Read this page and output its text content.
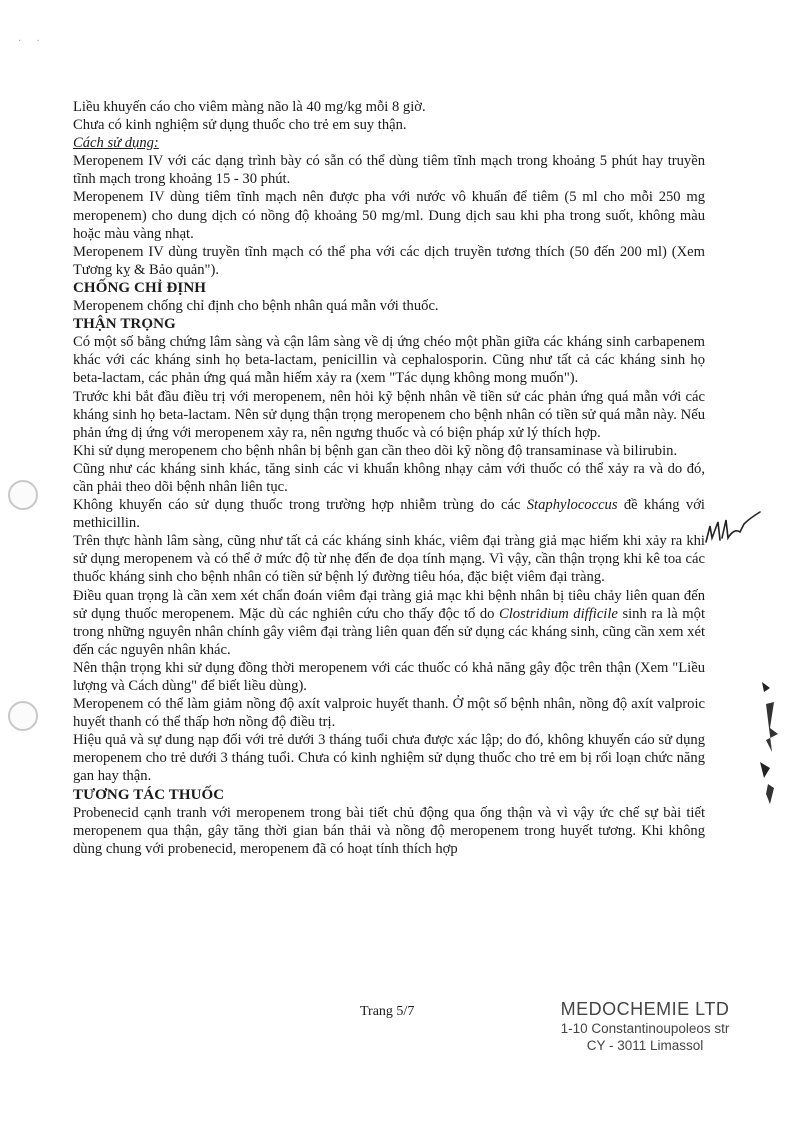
·      ·

Liều khuyến cáo cho viêm màng não là 40 mg/kg mỗi 8 giờ.

Chưa có kinh nghiệm sử dụng thuốc cho trẻ em suy thận.

Cách sử dụng:

Meropenem IV với các dạng trình bày có sẵn có thể dùng tiêm tĩnh mạch trong khoảng 5 phút hay truyền tĩnh mạch trong khoảng 15 - 30 phút.

Meropenem IV dùng tiêm tĩnh mạch nên được pha với nước vô khuẩn để tiêm (5 ml cho mỗi 250 mg meropenem) cho dung dịch có nồng độ khoảng 50 mg/ml. Dung dịch sau khi pha trong suốt, không màu hoặc màu vàng nhạt.

Meropenem IV dùng truyền tĩnh mạch có thể pha với các dịch truyền tương thích (50 đến 200 ml) (Xem Tương kỵ & Bảo quản").

CHỐNG CHỈ ĐỊNH

Meropenem chống chỉ định cho bệnh nhân quá mẫn với thuốc.

THẬN TRỌNG

Có một số bằng chứng lâm sàng và cận lâm sàng về dị ứng chéo một phần giữa các kháng sinh carbapenem khác với các kháng sinh họ beta-lactam, penicillin và cephalosporin. Cũng như tất cả các kháng sinh họ beta-lactam, các phản ứng quá mẫn hiếm xảy ra (xem "Tác dụng không mong muốn").

Trước khi bắt đầu điều trị với meropenem, nên hỏi kỹ bệnh nhân về tiền sử các phản ứng quá mẫn với các kháng sinh họ beta-lactam. Nên sử dụng thận trọng meropenem cho bệnh nhân có tiền sử quá mẫn này. Nếu phản ứng dị ứng với meropenem xảy ra, nên ngưng thuốc và có biện pháp xử lý thích hợp.

Khi sử dụng meropenem cho bệnh nhân bị bệnh gan cần theo dõi kỹ nồng độ transaminase và bilirubin.

Cũng như các kháng sinh khác, tăng sinh các vi khuẩn không nhạy cảm với thuốc có thể xảy ra và do đó, cần phải theo dõi bệnh nhân liên tục.

Không khuyến cáo sử dụng thuốc trong trường hợp nhiễm trùng do các Staphylococcus đề kháng với methicillin.

Trên thực hành lâm sàng, cũng như tất cả các kháng sinh khác, viêm đại tràng giả mạc hiếm khi xảy ra khi sử dụng meropenem và có thể ở mức độ từ nhẹ đến đe dọa tính mạng. Vì vậy, cần thận trọng khi kê toa các thuốc kháng sinh cho bệnh nhân có tiền sử bệnh lý đường tiêu hóa, đặc biệt viêm đại tràng.

Điều quan trọng là cần xem xét chẩn đoán viêm đại tràng giả mạc khi bệnh nhân bị tiêu chảy liên quan đến sử dụng thuốc meropenem. Mặc dù các nghiên cứu cho thấy độc tố do Clostridium difficile sinh ra là một trong những nguyên nhân chính gây viêm đại tràng liên quan đến sử dụng các kháng sinh, cũng cần xem xét đến các nguyên nhân khác.

Nên thận trọng khi sử dụng đồng thời meropenem với các thuốc có khả năng gây độc trên thận (Xem "Liều lượng và Cách dùng" để biết liều dùng).

Meropenem có thể làm giảm nồng độ axít valproic huyết thanh. Ở một số bệnh nhân, nồng độ axít valproic huyết thanh có thể thấp hơn nồng độ điều trị.

Hiệu quả và sự dung nạp đối với trẻ dưới 3 tháng tuổi chưa được xác lập; do đó, không khuyến cáo sử dụng meropenem cho trẻ dưới 3 tháng tuổi. Chưa có kinh nghiệm sử dụng thuốc cho trẻ em bị rối loạn chức năng gan hay thận.

TƯƠNG TÁC THUỐC

Probenecid cạnh tranh với meropenem trong bài tiết chủ động qua ống thận và vì vậy ức chế sự bài tiết meropenem qua thận, gây tăng thời gian bán thải và nồng độ meropenem trong huyết tương. Khi không dùng chung với probenecid, meropenem đã có hoạt tính thích hợp

Trang 5/7	MEDOCHEMIE LTD
1-10 Constantinoupoleos str
CY - 3011 Limassol
